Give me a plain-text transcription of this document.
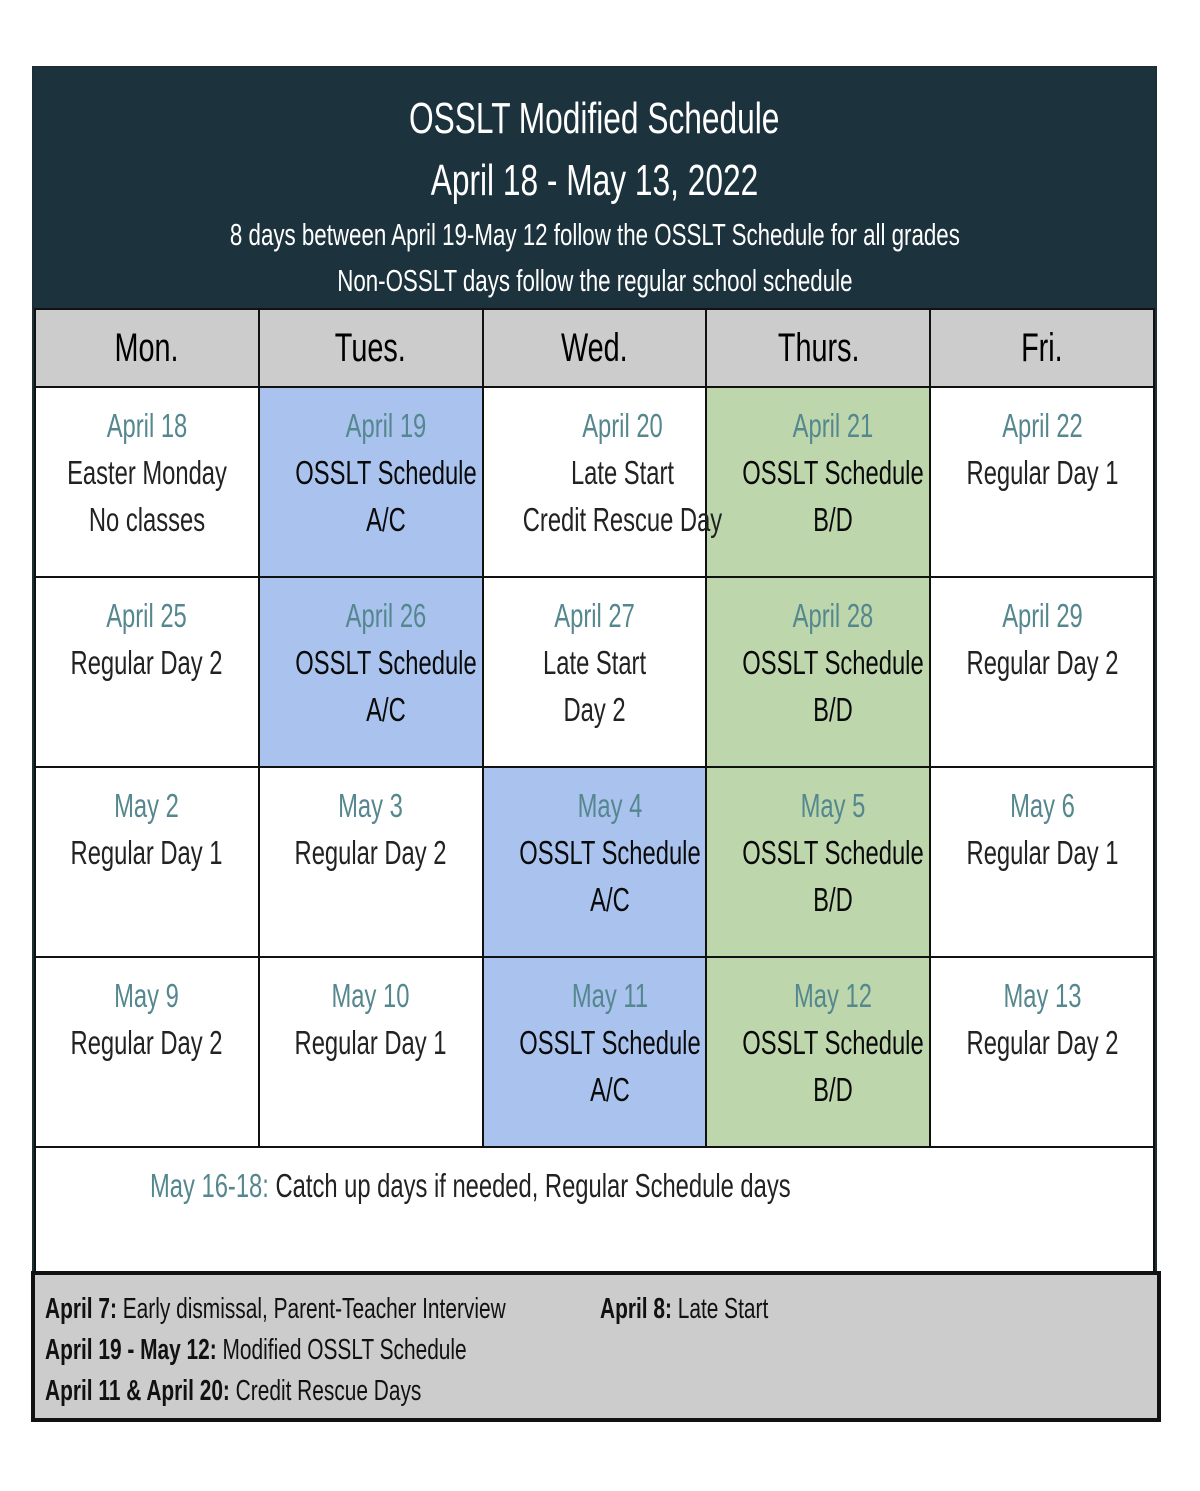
OSSLT Modified Schedule
April 18 - May 13, 2022
8 days between April 19-May 12 follow the OSSLT Schedule for all grades
Non-OSSLT days follow the regular school schedule
Mon.	Tues.	Wed.	Thurs.	Fri.

April 18
Easter Monday
No classes	April 19
OSSLT Schedule
A/C	April 20
Late Start
Credit Rescue Day	April 21
OSSLT Schedule
B/D	April 22
Regular Day 1

April 25
Regular Day 2	April 26
OSSLT Schedule
A/C	April 27
Late Start
Day 2	April 28
OSSLT Schedule
B/D	April 29
Regular Day 2

May 2
Regular Day 1	May 3
Regular Day 2	May 4
OSSLT Schedule
A/C	May 5
OSSLT Schedule
B/D	May 6
Regular Day 1

May 9
Regular Day 2	May 10
Regular Day 1	May 11
OSSLT Schedule
A/C	May 12
OSSLT Schedule
B/D	May 13
Regular Day 2

May 16-18: Catch up days if needed, Regular Schedule days				
April 7: Early dismissal, Parent-Teacher Interview	April 8: Late Start
April 19 - May 12: Modified OSSLT Schedule
April 11 & April 20: Credit Rescue Days
